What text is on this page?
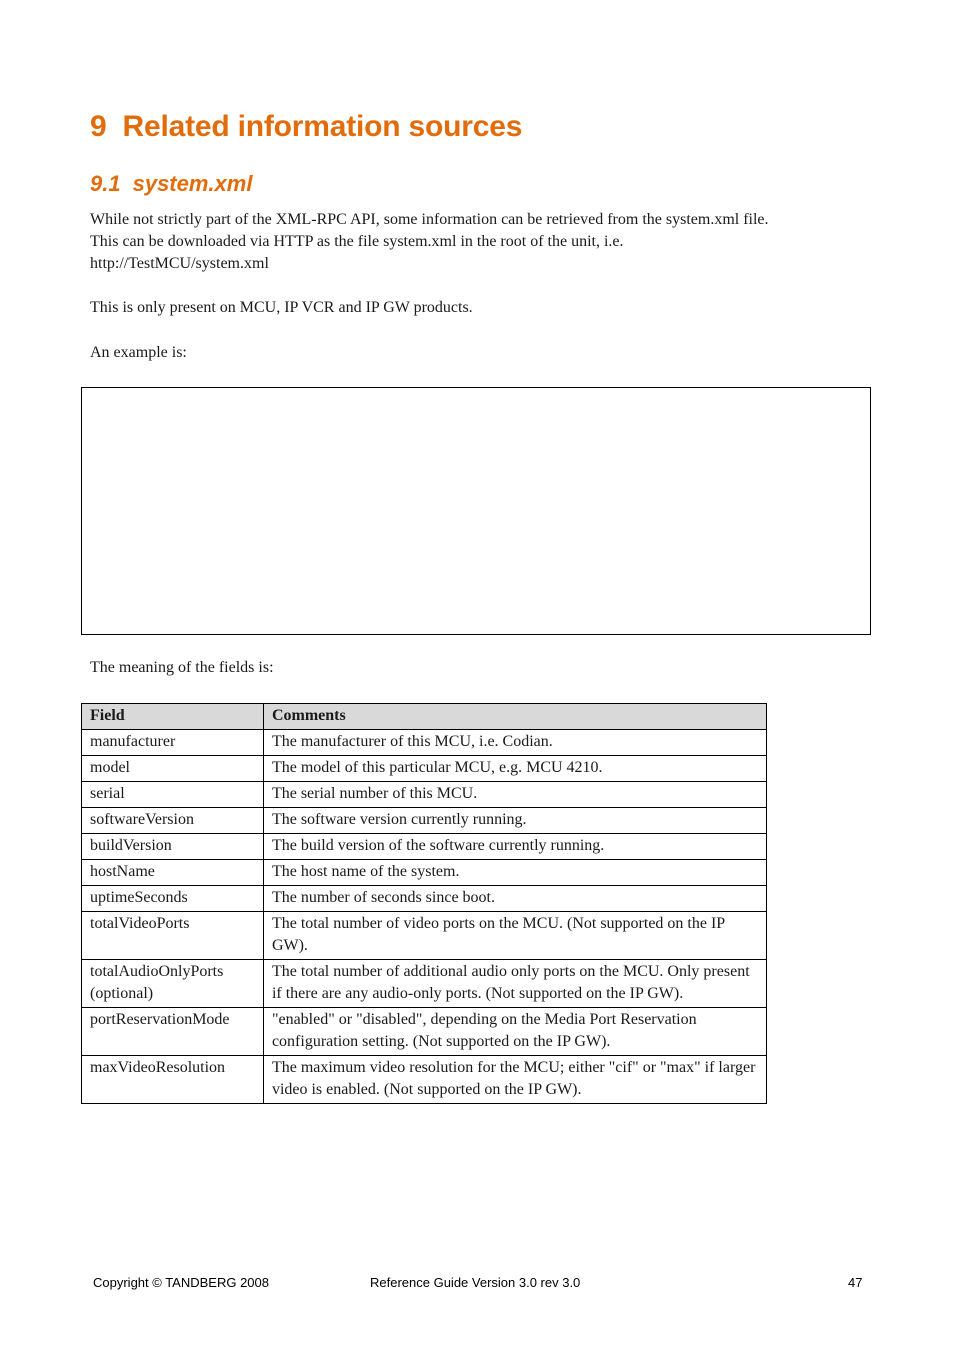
9 Related information sources
9.1 system.xml
While not strictly part of the XML-RPC API, some information can be retrieved from the system.xml file.
This can be downloaded via HTTP as the file system.xml in the root of the unit, i.e.
http://TestMCU/system.xml

This is only present on MCU, IP VCR and IP GW products.

An example is:

The meaning of the fields is:

Field	Comments
manufacturer	The manufacturer of this MCU, i.e. Codian.
model	The model of this particular MCU, e.g. MCU 4210.
serial	The serial number of this MCU.
softwareVersion	The software version currently running.
buildVersion	The build version of the software currently running.
hostName	The host name of the system.
uptimeSeconds	The number of seconds since boot.
totalVideoPorts	The total number of video ports on the MCU. (Not supported on the IP GW).
totalAudioOnlyPorts (optional)	The total number of additional audio only ports on the MCU. Only present if there are any audio-only ports. (Not supported on the IP GW).
portReservationMode	"enabled" or "disabled", depending on the Media Port Reservation configuration setting. (Not supported on the IP GW).
maxVideoResolution	The maximum video resolution for the MCU; either "cif" or "max" if larger video is enabled. (Not supported on the IP GW).

Copyright © TANDBERG 2008	Reference Guide Version 3.0 rev 3.0	47
